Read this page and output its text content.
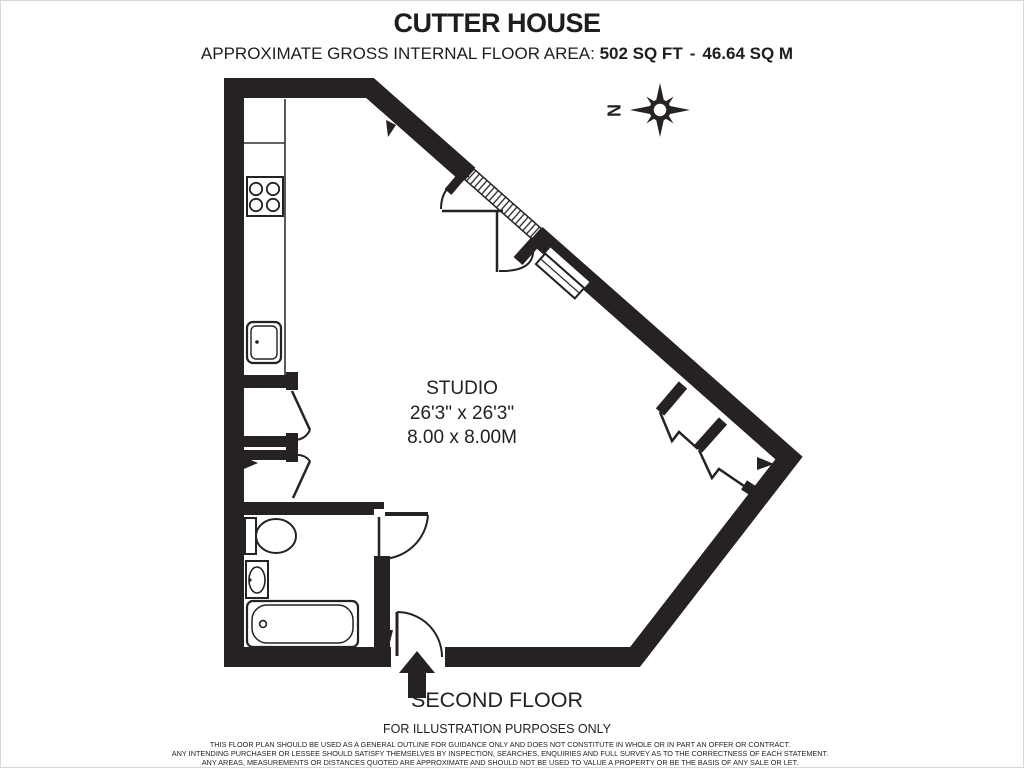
CUTTER HOUSE
APPROXIMATE GROSS INTERNAL FLOOR AREA: 502 SQ FT - 46.64 SQ M
N
STUDIO
26'3" x 26'3"
8.00 x 8.00M
SECOND FLOOR
FOR ILLUSTRATION PURPOSES ONLY
THIS FLOOR PLAN SHOULD BE USED AS A GENERAL OUTLINE FOR GUIDANCE ONLY AND DOES NOT CONSTITUTE IN WHOLE OR IN PART AN OFFER OR CONTRACT.
ANY INTENDING PURCHASER OR LESSEE SHOULD SATISFY THEMSELVES BY INSPECTION, SEARCHES, ENQUIRIES AND FULL SURVEY AS TO THE CORRECTNESS OF EACH STATEMENT.
ANY AREAS, MEASUREMENTS OR DISTANCES QUOTED ARE APPROXIMATE AND SHOULD NOT BE USED TO VALUE A PROPERTY OR BE THE BASIS OF ANY SALE OR LET.
